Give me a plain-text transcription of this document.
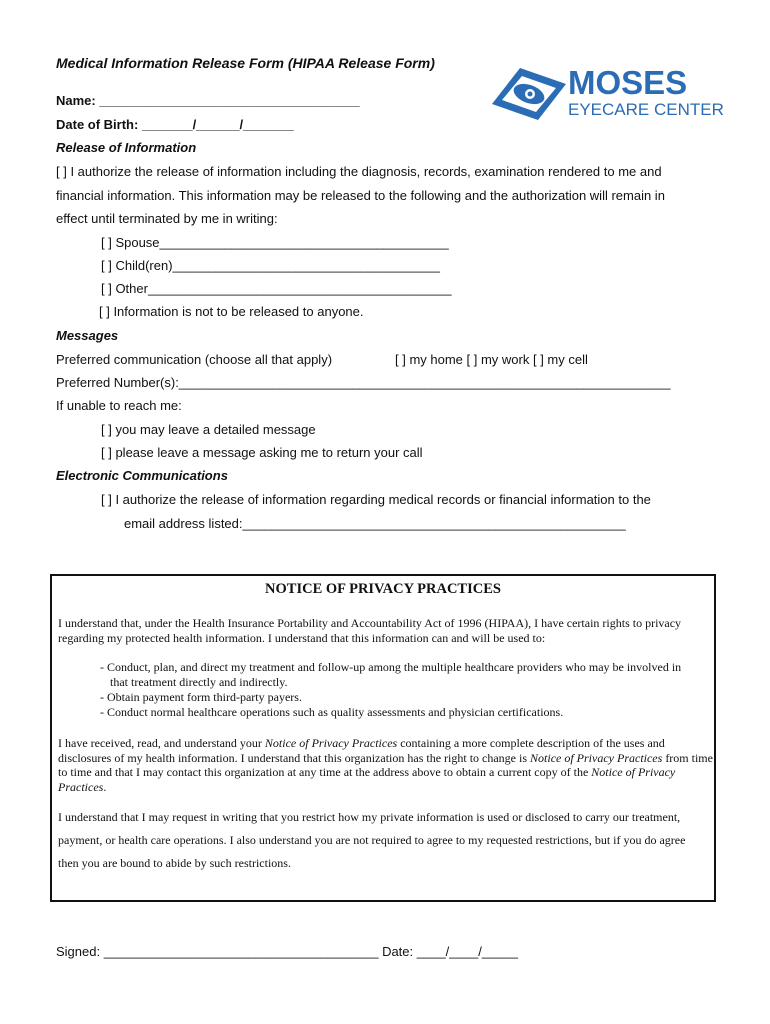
Medical Information Release Form (HIPAA Release Form)
MOSES
EYECARE CENTER
Name: ____________________________________
Date of Birth: _______/______/_______
Release of Information
[ ] I authorize the release of information including the diagnosis, records, examination rendered to me and
financial information. This information may be released to the following and the authorization will remain in
effect until terminated by me in writing:
[ ] Spouse________________________________________
[ ] Child(ren)_____________________________________
[ ] Other__________________________________________
[ ] Information is not to be released to anyone.
Messages
Preferred communication (choose all that apply)	[ ] my home [ ] my work [ ] my cell
Preferred Number(s):____________________________________________________________________
If unable to reach me:
[ ] you may leave a detailed message
[ ] please leave a message asking me to return your call
Electronic Communications
[ ] I authorize the release of information regarding medical records or financial information to the
email address listed:_____________________________________________________
NOTICE OF PRIVACY PRACTICES

I understand that, under the Health Insurance Portability and Accountability Act of 1996 (HIPAA), I have certain rights to privacy regarding my protected health information. I understand that this information can and will be used to:

- Conduct, plan, and direct my treatment and follow-up among the multiple healthcare providers who may be involved in
that treatment directly and indirectly.
- Obtain payment form third-party payers.
- Conduct normal healthcare operations such as quality assessments and physician certifications.

I have received, read, and understand your Notice of Privacy Practices containing a more complete description of the uses and disclosures of my health information. I understand that this organization has the right to change is Notice of Privacy Practices from time to time and that I may contact this organization at any time at the address above to obtain a current copy of the Notice of Privacy Practices.

I understand that I may request in writing that you restrict how my private information is used or disclosed to carry our treatment,
payment, or health care operations. I also understand you are not required to agree to my requested restrictions, but if you do agree
then you are bound to abide by such restrictions.
Signed: ______________________________________ Date: ____/____/_____
